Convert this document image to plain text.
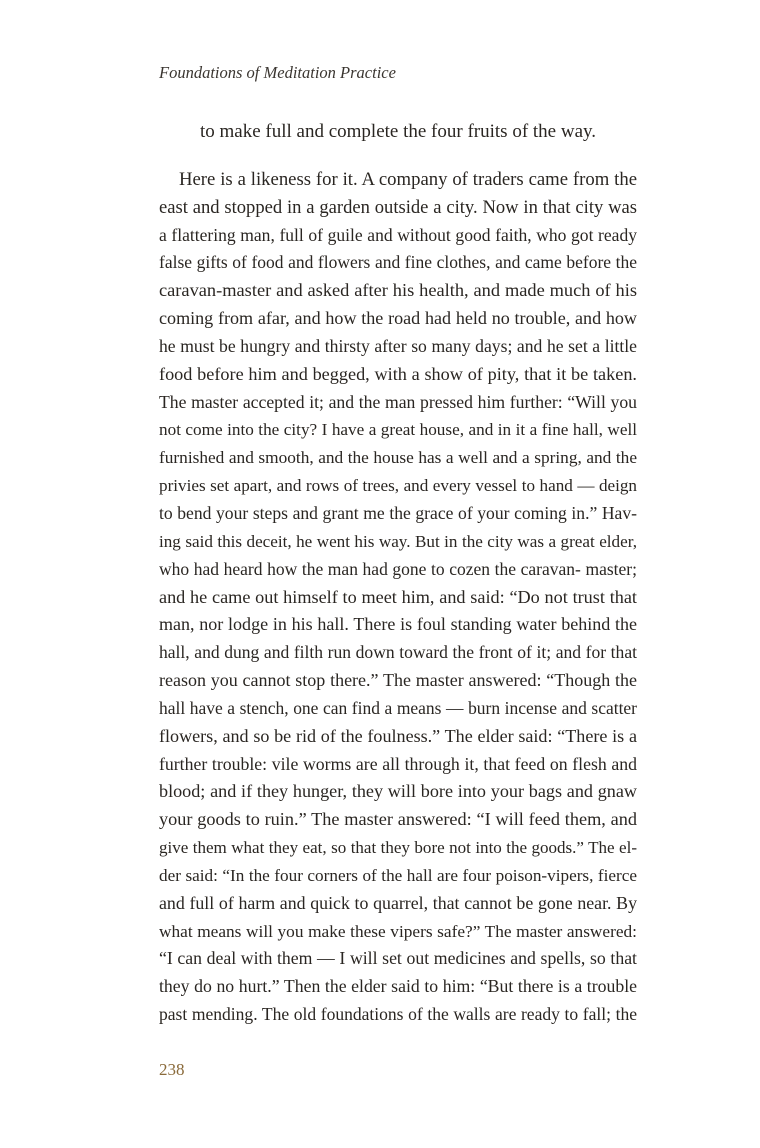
Foundations of Meditation Practice
to make full and complete the four fruits of the way.
Here is a likeness for it. A company of traders came from the
east and stopped in a garden outside a city. Now in that city was
a flattering man, full of guile and without good faith, who got ready
false gifts of food and flowers and fine clothes, and came before the
caravan-master and asked after his health, and made much of his
coming from afar, and how the road had held no trouble, and how
he must be hungry and thirsty after so many days; and he set a little
food before him and begged, with a show of pity, that it be taken.
The master accepted it; and the man pressed him further: “Will you
not come into the city? I have a great house, and in it a fine hall, well
furnished and smooth, and the house has a well and a spring, and the
privies set apart, and rows of trees, and every vessel to hand — deign
to bend your steps and grant me the grace of your coming in.” Hav-
ing said this deceit, he went his way. But in the city was a great elder,
who had heard how the man had gone to cozen the caravan- master;
and he came out himself to meet him, and said: “Do not trust that
man, nor lodge in his hall. There is foul standing water behind the
hall, and dung and filth run down toward the front of it; and for that
reason you cannot stop there.” The master answered: “Though the
hall have a stench, one can find a means — burn incense and scatter
flowers, and so be rid of the foulness.” The elder said: “There is a
further trouble: vile worms are all through it, that feed on flesh and
blood; and if they hunger, they will bore into your bags and gnaw
your goods to ruin.” The master answered: “I will feed them, and
give them what they eat, so that they bore not into the goods.” The el-
der said: “In the four corners of the hall are four poison-vipers, fierce
and full of harm and quick to quarrel, that cannot be gone near. By
what means will you make these vipers safe?” The master answered:
“I can deal with them — I will set out medicines and spells, so that
they do no hurt.” Then the elder said to him: “But there is a trouble
past mending. The old foundations of the walls are ready to fall; the
238
